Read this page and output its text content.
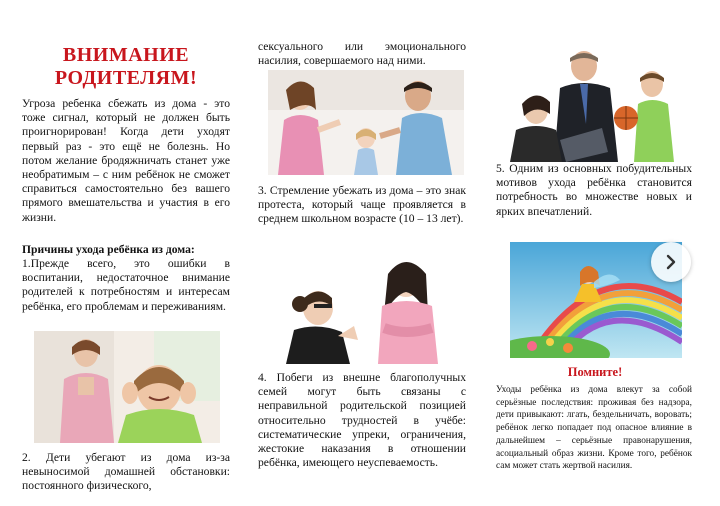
ВНИМАНИЕ
РОДИТЕЛЯМ!

Угроза ребенка сбежать из дома - это тоже сигнал, который не должен быть проигнорирован! Когда дети уходят первый раз - это ещё не болезнь. Но потом желание бродяжничать станет уже необратимым – с ним ребёнок не сможет справиться самостоятельно без вашего прямого вмешательства и участия в его жизни.

Причины ухода ребёнка из дома:

1.Прежде всего, это ошибки в воспитании, недостаточное внимание родителей к потребностям и интересам ребёнка, его проблемам и переживаниям.

2. Дети убегают из дома из-за невыносимой домашней обстановки: постоянного физического,

сексуального или эмоционального насилия, совершаемого над ними.

3. Стремление убежать из дома – это знак протеста, который чаще проявляется в среднем школьном возрасте (10 – 13 лет).

4. Побеги из внешне благополучных семей могут быть связаны с неправильной родительской позицией относительно трудностей в учёбе: систематические упреки, ограничения, жестокие наказания в отношении ребёнка, имеющего неуспеваемость.

5. Одним из основных побудительных мотивов ухода ребёнка становится потребность во множестве новых и ярких впечатлений.

Помните!

Уходы ребёнка из дома влекут за собой серьёзные последствия: проживая без надзора, дети привыкают: лгать, бездельничать, воровать; ребёнок легко попадает под опасное влияние в дальнейшем – серьёзные правонарушения, асоциальный образ жизни. Кроме того, ребёнок сам может стать жертвой насилия.
